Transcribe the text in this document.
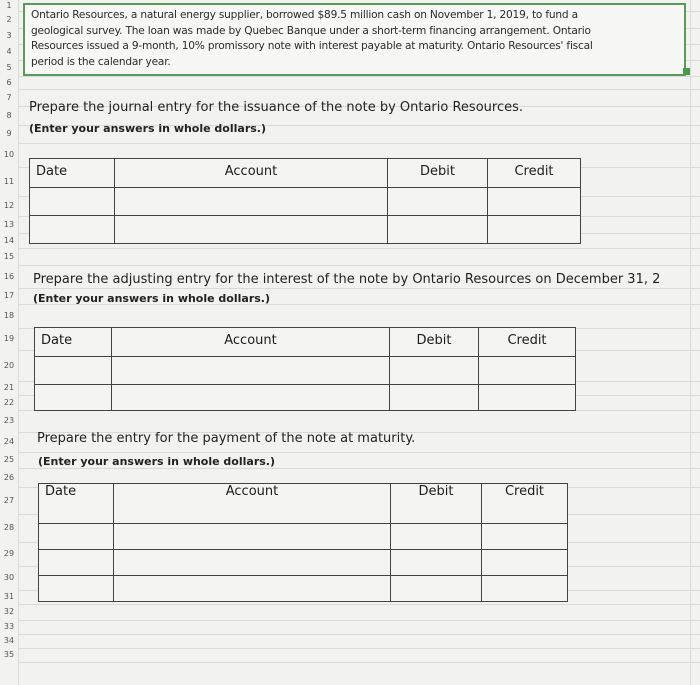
1
2
3
4
5
6
7
8
9
10
11
12
13
14
15
16
17
18
19
20
21
22
23
24
25
26
27
28
29
30
31
32
33
34
35
Ontario Resources, a natural energy supplier, borrowed $89.5 million cash on November 1, 2019, to fund a
geological survey. The loan was made by Quebec Banque under a short-term financing arrangement. Ontario
Resources issued a 9-month, 10% promissory note with interest payable at maturity. Ontario Resources' fiscal
period is the calendar year.
Prepare the journal entry for the issuance of the note by Ontario Resources.
(Enter your answers in whole dollars.)
Date	Account	Debit	Credit

Prepare the adjusting entry for the interest of the note by Ontario Resources on December 31, 2
(Enter your answers in whole dollars.)
Date	Account	Debit	Credit

Prepare the entry for the payment of the note at maturity.
(Enter your answers in whole dollars.)
Date	Account	Debit	Credit
